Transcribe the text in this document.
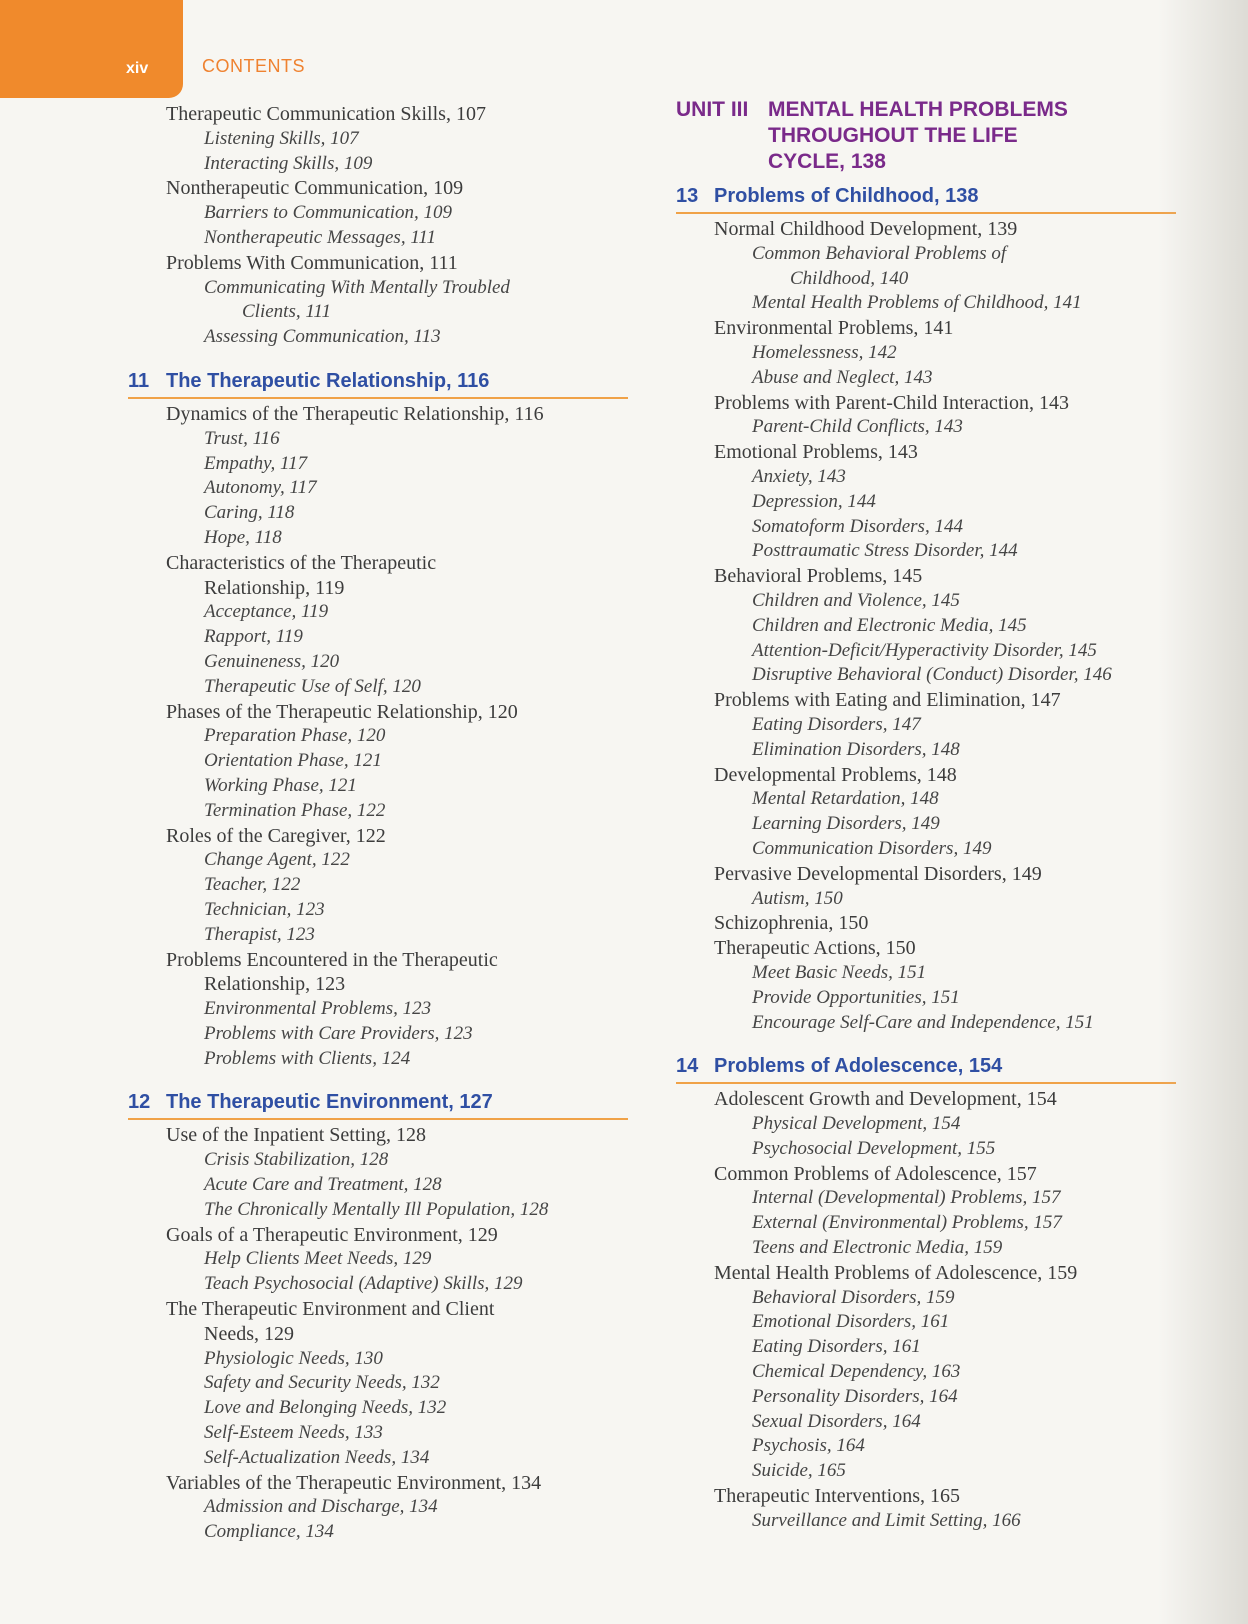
xiv	CONTENTS
Therapeutic Communication Skills, 107
Listening Skills, 107
Interacting Skills, 109
Nontherapeutic Communication, 109
Barriers to Communication, 109
Nontherapeutic Messages, 111
Problems With Communication, 111
Communicating With Mentally Troubled
Clients, 111
Assessing Communication, 113
11 The Therapeutic Relationship, 116
Dynamics of the Therapeutic Relationship, 116
Trust, 116
Empathy, 117
Autonomy, 117
Caring, 118
Hope, 118
Characteristics of the Therapeutic
Relationship, 119
Acceptance, 119
Rapport, 119
Genuineness, 120
Therapeutic Use of Self, 120
Phases of the Therapeutic Relationship, 120
Preparation Phase, 120
Orientation Phase, 121
Working Phase, 121
Termination Phase, 122
Roles of the Caregiver, 122
Change Agent, 122
Teacher, 122
Technician, 123
Therapist, 123
Problems Encountered in the Therapeutic
Relationship, 123
Environmental Problems, 123
Problems with Care Providers, 123
Problems with Clients, 124
12 The Therapeutic Environment, 127
Use of the Inpatient Setting, 128
Crisis Stabilization, 128
Acute Care and Treatment, 128
The Chronically Mentally Ill Population, 128
Goals of a Therapeutic Environment, 129
Help Clients Meet Needs, 129
Teach Psychosocial (Adaptive) Skills, 129
The Therapeutic Environment and Client
Needs, 129
Physiologic Needs, 130
Safety and Security Needs, 132
Love and Belonging Needs, 132
Self-Esteem Needs, 133
Self-Actualization Needs, 134
Variables of the Therapeutic Environment, 134
Admission and Discharge, 134
Compliance, 134
UNIT III MENTAL HEALTH PROBLEMS
THROUGHOUT THE LIFE
CYCLE, 138
13 Problems of Childhood, 138
Normal Childhood Development, 139
Common Behavioral Problems of
Childhood, 140
Mental Health Problems of Childhood, 141
Environmental Problems, 141
Homelessness, 142
Abuse and Neglect, 143
Problems with Parent-Child Interaction, 143
Parent-Child Conflicts, 143
Emotional Problems, 143
Anxiety, 143
Depression, 144
Somatoform Disorders, 144
Posttraumatic Stress Disorder, 144
Behavioral Problems, 145
Children and Violence, 145
Children and Electronic Media, 145
Attention-Deficit/Hyperactivity Disorder, 145
Disruptive Behavioral (Conduct) Disorder, 146
Problems with Eating and Elimination, 147
Eating Disorders, 147
Elimination Disorders, 148
Developmental Problems, 148
Mental Retardation, 148
Learning Disorders, 149
Communication Disorders, 149
Pervasive Developmental Disorders, 149
Autism, 150
Schizophrenia, 150
Therapeutic Actions, 150
Meet Basic Needs, 151
Provide Opportunities, 151
Encourage Self-Care and Independence, 151
14 Problems of Adolescence, 154
Adolescent Growth and Development, 154
Physical Development, 154
Psychosocial Development, 155
Common Problems of Adolescence, 157
Internal (Developmental) Problems, 157
External (Environmental) Problems, 157
Teens and Electronic Media, 159
Mental Health Problems of Adolescence, 159
Behavioral Disorders, 159
Emotional Disorders, 161
Eating Disorders, 161
Chemical Dependency, 163
Personality Disorders, 164
Sexual Disorders, 164
Psychosis, 164
Suicide, 165
Therapeutic Interventions, 165
Surveillance and Limit Setting, 166
